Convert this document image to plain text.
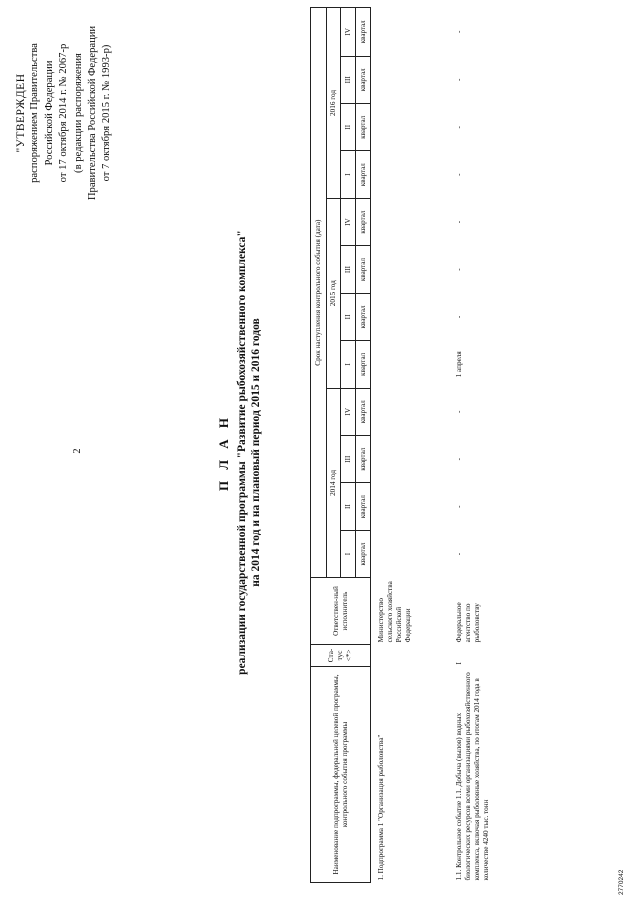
2
"УТВЕРЖДЕН распоряжением Правительства Российской Федерации от 17 октября 2014 г. № 2067-р (в редакции распоряжения Правительства Российской Федерации от 7 октября 2015 г. № 1993-р)
П Л А Н реализации государственной программы "Развитие рыбохозяйственного комплекса" на 2014 год и на плановый период 2015 и 2016 годов
Наименование подпрограммы, федеральной целевой программы, контрольного события программы	Ста-тус <*>	Ответствен-ный исполнитель	Срок наступления контрольного события (дата)											
			2014 год				2015 год				2016 год			
			I	II	III	IV	I	II	III	IV	I	II	III	IV
			квартал	квартал	квартал	квартал	квартал	квартал	квартал	квартал	квартал	квартал	квартал	квартал
1. Подпрограмма 1 "Организация рыболовства"		Министерство сельского хозяйства Российской Федерации												
1.1. Контрольное событие 1.1. Добыча (вылов) водных биологических ресурсов всеми организациями рыбохозяйственного комплекса, включая рыболовные хозяйства, по итогам 2014 года в количестве 4240 тыс. тонн	I	Федеральное агентство по рыболовству	-	-	-	-	1 апреля	-	-	-	-	-	-	-
2770242
